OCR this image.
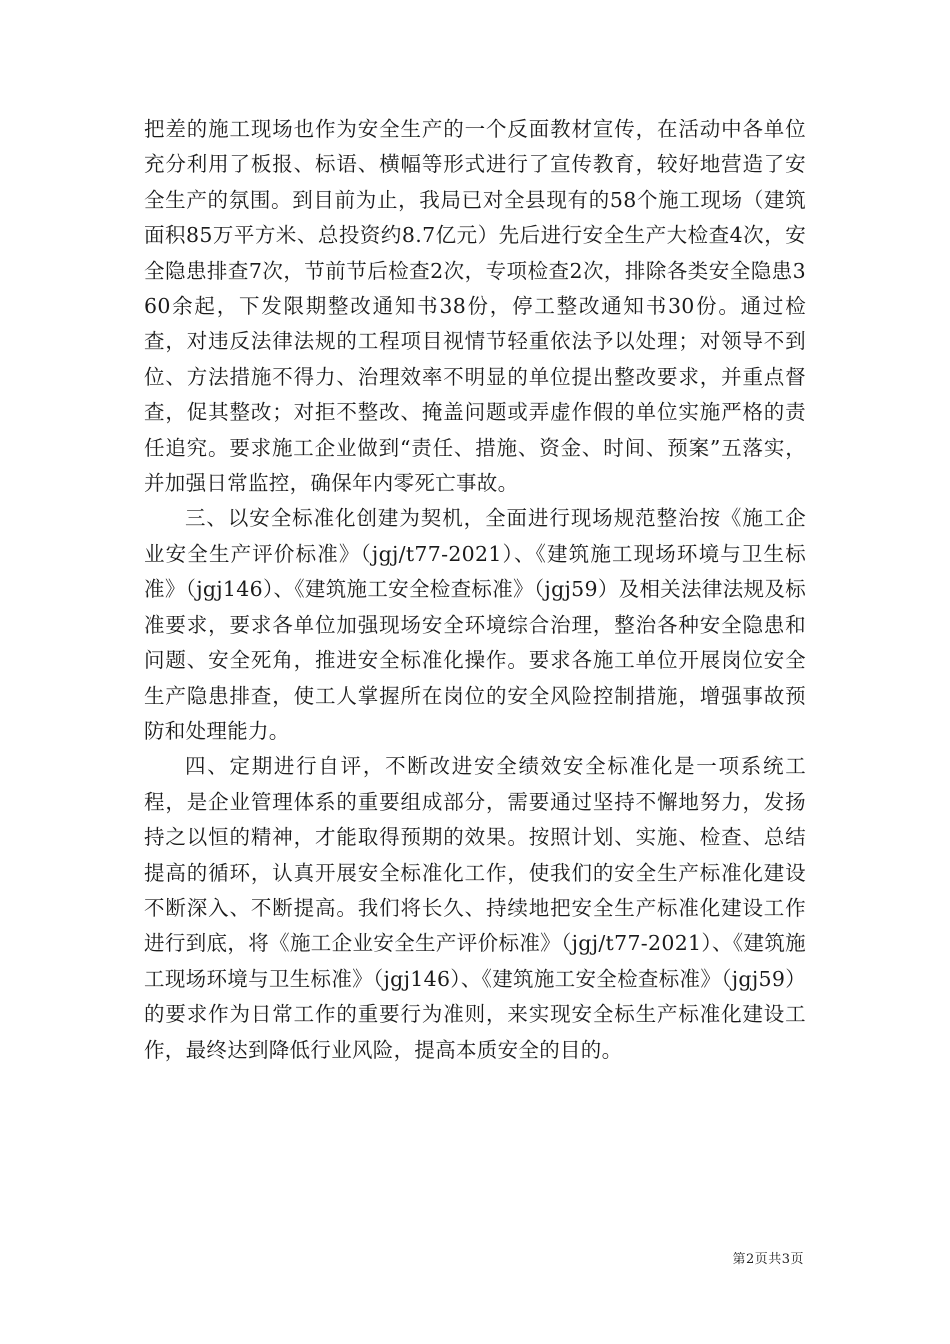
把差的施工现场也作为安全生产的一个反面教材宣传，在活动中各单位充分利用了板报、标语、横幅等形式进行了宣传教育，较好地营造了安全生产的氛围。到目前为止，我局已对全县现有的58个施工现场（建筑面积85万平方米、总投资约8.7亿元）先后进行安全生产大检查4次，安全隐患排查7次，节前节后检查2次，专项检查2次，排除各类安全隐患360余起，下发限期整改通知书38份，停工整改通知书30份。通过检查，对违反法律法规的工程项目视情节轻重依法予以处理；对领导不到位、方法措施不得力、治理效率不明显的单位提出整改要求，并重点督查，促其整改；对拒不整改、掩盖问题或弄虚作假的单位实施严格的责任追究。要求施工企业做到“责任、措施、资金、时间、预案”五落实，并加强日常监控，确保年内零死亡事故。

三、以安全标准化创建为契机，全面进行现场规范整治按《施工企业安全生产评价标准》（jgj/t77-2021）、《建筑施工现场环境与卫生标准》（jgj146）、《建筑施工安全检查标准》（jgj59）及相关法律法规及标准要求，要求各单位加强现场安全环境综合治理，整治各种安全隐患和问题、安全死角，推进安全标准化操作。要求各施工单位开展岗位安全生产隐患排查，使工人掌握所在岗位的安全风险控制措施，增强事故预防和处理能力。

四、定期进行自评，不断改进安全绩效安全标准化是一项系统工程，是企业管理体系的重要组成部分，需要通过坚持不懈地努力，发扬持之以恒的精神，才能取得预期的效果。按照计划、实施、检查、总结提高的循环，认真开展安全标准化工作，使我们的安全生产标准化建设不断深入、不断提高。我们将长久、持续地把安全生产标准化建设工作进行到底，将《施工企业安全生产评价标准》（jgj/t77-2021）、《建筑施工现场环境与卫生标准》（jgj146）、《建筑施工安全检查标准》（jgj59）的要求作为日常工作的重要行为准则，来实现安全标生产标准化建设工作，最终达到降低行业风险，提高本质安全的目的。

第2页共3页
